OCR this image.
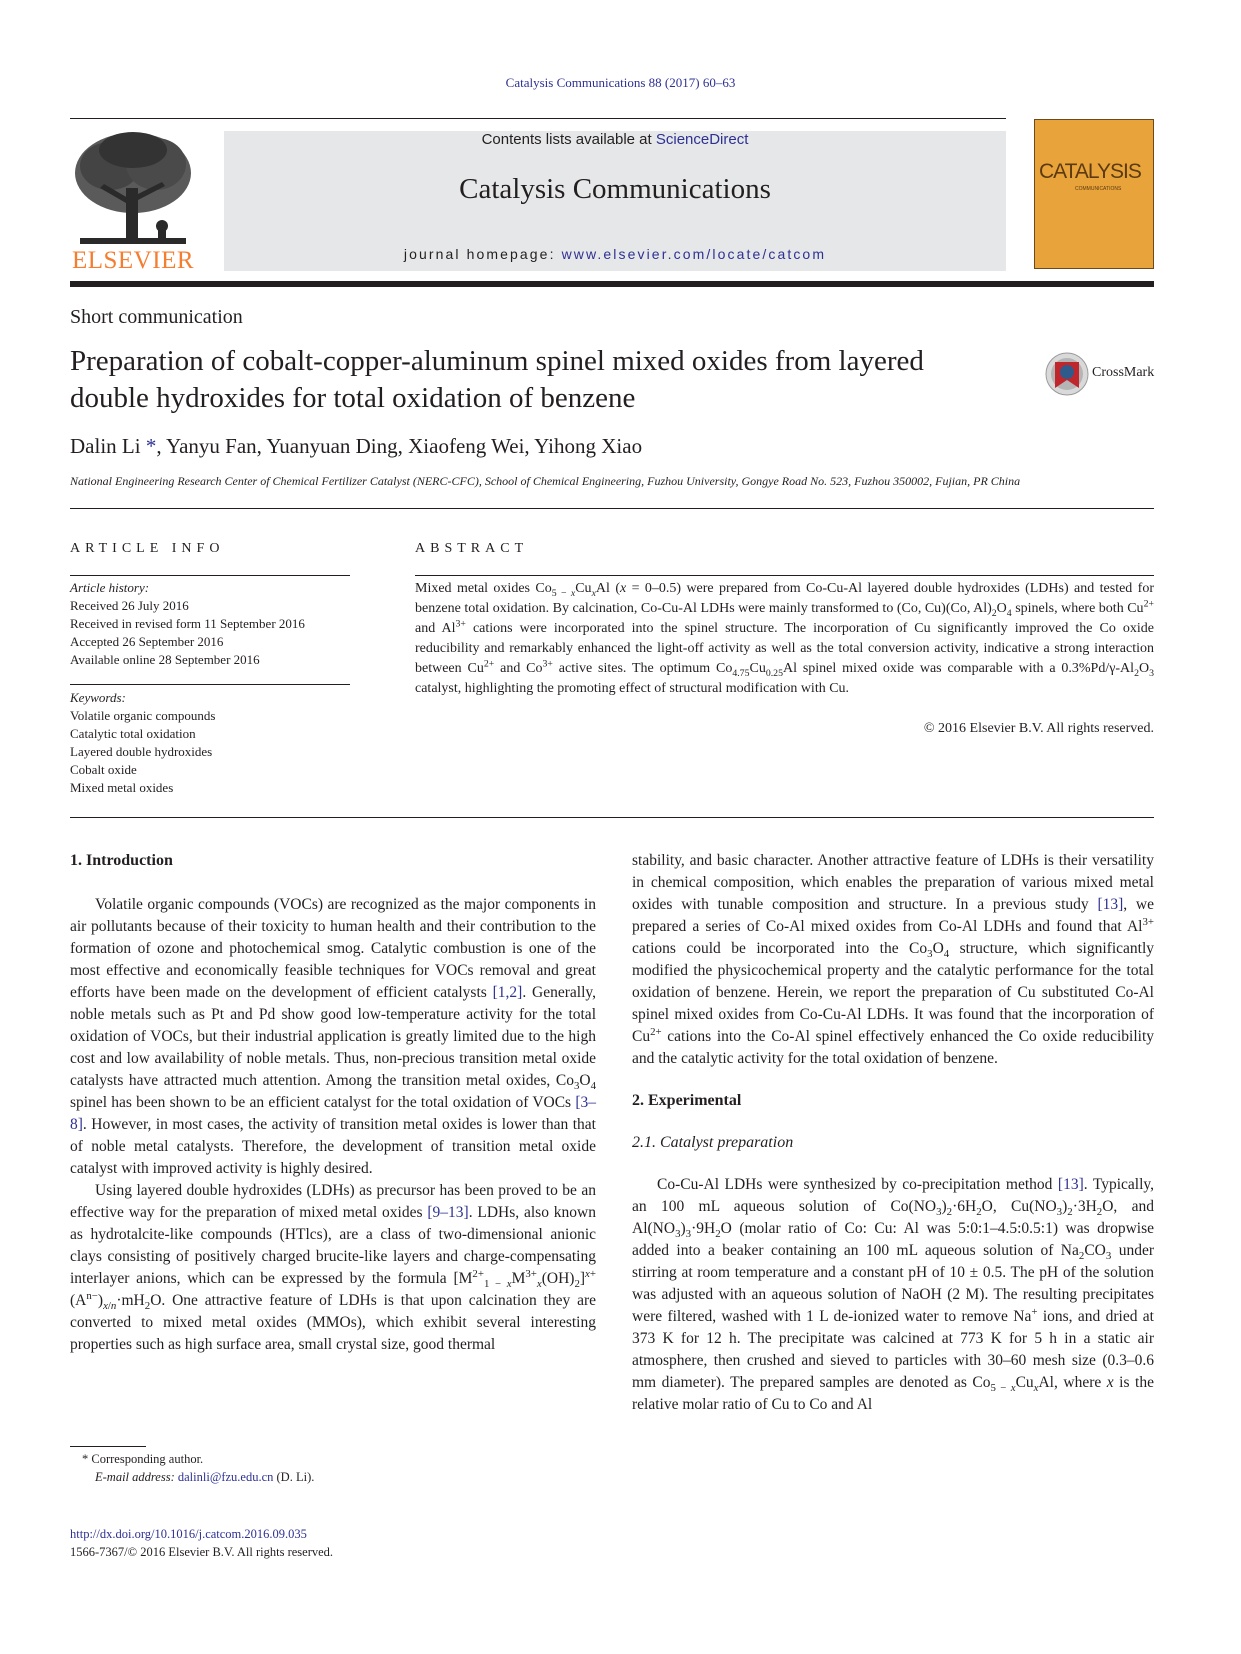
Catalysis Communications 88 (2017) 60–63
ELSEVIER
Contents lists available at ScienceDirect
Catalysis Communications
journal homepage: www.elsevier.com/locate/catcom
CATALYSIS
COMMUNICATIONS
Short communication
Preparation of cobalt-copper-aluminum spinel mixed oxides from layered double hydroxides for total oxidation of benzene
CrossMark
Dalin Li *, Yanyu Fan, Yuanyuan Ding, Xiaofeng Wei, Yihong Xiao
National Engineering Research Center of Chemical Fertilizer Catalyst (NERC-CFC), School of Chemical Engineering, Fuzhou University, Gongye Road No. 523, Fuzhou 350002, Fujian, PR China
ARTICLE INFO	ABSTRACT
Article history:
Received 26 July 2016
Received in revised form 11 September 2016
Accepted 26 September 2016
Available online 28 September 2016
Keywords:
Volatile organic compounds
Catalytic total oxidation
Layered double hydroxides
Cobalt oxide
Mixed metal oxides
Mixed metal oxides $Co_{5 - x}Cu_xAl$ (x = 0–0.5) were prepared from Co-Cu-Al layered double hydroxides (LDHs) and tested for benzene total oxidation. By calcination, Co-Cu-Al LDHs were mainly transformed to (Co, Cu)(Co, $Al)_2O_4$ spinels, where both $Cu^{2+}$ and $Al^{3+}$ cations were incorporated into the spinel structure. The incorporation of Cu significantly improved the Co oxide reducibility and remarkably enhanced the light-off activity as well as the total conversion activity, indicative a strong interaction between $Cu^{2+}$ and $Co^{3+}$ active sites. The optimum $Co_{4.75}Cu_{0.25}Al$ spinel mixed oxide was comparable with a $0.3\%Pd/\gamma-Al_2O_3$ catalyst, highlighting the promoting effect of structural modification with Cu.
© 2016 Elsevier B.V. All rights reserved.
1. Introduction

Volatile organic compounds (VOCs) are recognized as the major components in air pollutants because of their toxicity to human health and their contribution to the formation of ozone and photochemical smog. Catalytic combustion is one of the most effective and economically feasible techniques for VOCs removal and great efforts have been made on the development of efficient catalysts [1,2]. Generally, noble metals such as Pt and Pd show good low-temperature activity for the total oxidation of VOCs, but their industrial application is greatly limited due to the high cost and low availability of noble metals. Thus, non-precious transition metal oxide catalysts have attracted much attention. Among the transition metal oxides, $Co_3O_4$ spinel has been shown to be an efficient catalyst for the total oxidation of VOCs [3–8]. However, in most cases, the activity of transition metal oxides is lower than that of noble metal catalysts. Therefore, the development of transition metal oxide catalyst with improved activity is highly desired.

Using layered double hydroxides (LDHs) as precursor has been proved to be an effective way for the preparation of mixed metal oxides [9–13]. LDHs, also known as hydrotalcite-like compounds (HTlcs), are a class of two-dimensional anionic clays consisting of positively charged brucite-like layers and charge-compensating interlayer anions, which can be expressed by the formula $[M^{2+}_{1 - x}M^{3+}_x(OH)_2]^{x+}(A^{n-})_{x/n}\cdot mH_2O$. One attractive feature of LDHs is that upon calcination they are converted to mixed metal oxides (MMOs), which exhibit several interesting properties such as high surface area, small crystal size, good thermal

stability, and basic character. Another attractive feature of LDHs is their versatility in chemical composition, which enables the preparation of various mixed metal oxides with tunable composition and structure. In a previous study [13], we prepared a series of Co-Al mixed oxides from Co-Al LDHs and found that $Al^{3+}$ cations could be incorporated into the $Co_3O_4$ structure, which significantly modified the physicochemical property and the catalytic performance for the total oxidation of benzene. Herein, we report the preparation of Cu substituted Co-Al spinel mixed oxides from Co-Cu-Al LDHs. It was found that the incorporation of $Cu^{2+}$ cations into the Co-Al spinel effectively enhanced the Co oxide reducibility and the catalytic activity for the total oxidation of benzene.

2. Experimental
2.1. Catalyst preparation

Co-Cu-Al LDHs were synthesized by co-precipitation method [13]. Typically, an 100 mL aqueous solution of $Co(NO_3)_2\cdot 6H_2O$, $Cu(NO_3)_2\cdot 3H_2O$, and $Al(NO_3)_3\cdot 9H_2O$ (molar ratio of Co: Cu: Al was 5:0:1–4.5:0.5:1) was dropwise added into a beaker containing an 100 mL aqueous solution of $Na_2CO_3$ under stirring at room temperature and a constant pH of 10 ± 0.5. The pH of the solution was adjusted with an aqueous solution of NaOH (2 M). The resulting precipitates were filtered, washed with 1 L de-ionized water to remove Na+ ions, and dried at 373 K for 12 h. The precipitate was calcined at 773 K for 5 h in a static air atmosphere, then crushed and sieved to particles with 30–60 mesh size (0.3–0.6 mm diameter). The prepared samples are denoted as $Co_{5 - x}Cu_xAl$, where x is the relative molar ratio of Cu to Co and Al

* Corresponding author.
E-mail address: dalinli@fzu.edu.cn (D. Li).
http://dx.doi.org/10.1016/j.catcom.2016.09.035
1566-7367/© 2016 Elsevier B.V. All rights reserved.
